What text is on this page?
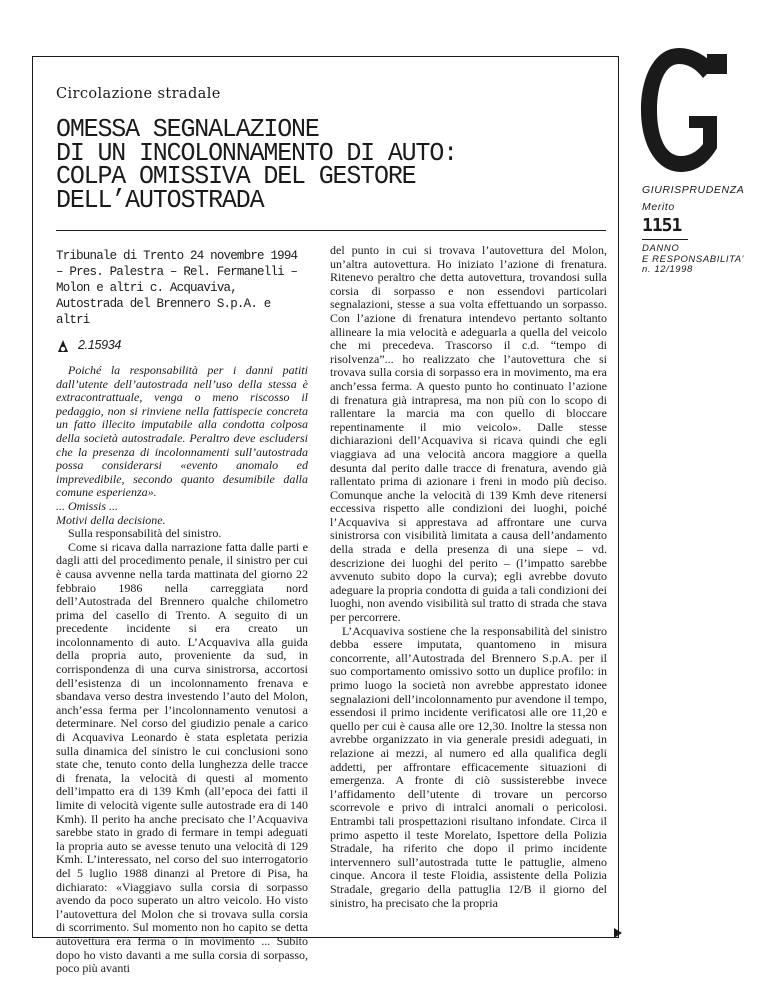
Circolazione stradale
OMESSA SEGNALAZIONE
DI UN INCOLONNAMENTO DI AUTO:
COLPA OMISSIVA DEL GESTORE
DELL’AUTOSTRADA
Tribunale di Trento 24 novembre 1994 – Pres. Palestra – Rel. Fermanelli – Molon e altri c. Acquaviva, Autostrada del Brennero S.p.A. e altri
2.15934

Poiché la responsabilità per i danni patiti dall’utente dell’autostrada nell’uso della stessa è extracontrattuale, venga o meno riscosso il pedaggio, non si rinviene nella fattispecie concreta un fatto illecito imputabile alla condotta colposa della società autostradale. Peraltro deve escludersi che la presenza di incolonnamenti sull’autostrada possa considerarsi «evento anomalo ed imprevedibile, secondo quanto desumibile dalla comune esperienza».

... Omissis ...

Motivi della decisione.

Sulla responsabilità del sinistro.

Come si ricava dalla narrazione fatta dalle parti e dagli atti del procedimento penale, il sinistro per cui è causa avvenne nella tarda mattinata del giorno 22 febbraio 1986 nella carreggiata nord dell’Autostrada del Brennero qualche chilometro prima del casello di Trento. A seguito di un precedente incidente si era creato un incolonnamento di auto. L’Acquaviva alla guida della propria auto, proveniente da sud, in corrispondenza di una curva sinistrorsa, accortosi dell’esistenza di un incolonnamento frenava e sbandava verso destra investendo l’auto del Molon, anch’essa ferma per l’incolonnamento venutosi a determinare. Nel corso del giudizio penale a carico di Acquaviva Leonardo è stata espletata perizia sulla dinamica del sinistro le cui conclusioni sono state che, tenuto conto della lunghezza delle tracce di frenata, la velocità di questi al momento dell’impatto era di 139 Kmh (all’epoca dei fatti il limite di velocità vigente sulle autostrade era di 140 Kmh). Il perito ha anche precisato che l’Acquaviva sarebbe stato in grado di fermare in tempi adeguati la propria auto se avesse tenuto una velocità di 129 Kmh. L’interessato, nel corso del suo interrogatorio del 5 luglio 1988 dinanzi al Pretore di Pisa, ha dichiarato: «Viaggiavo sulla corsia di sorpasso avendo da poco superato un altro veicolo. Ho visto l’autovettura del Molon che si trovava sulla corsia di scorrimento. Sul momento non ho capito se detta autovettura era ferma o in movimento ... Subito dopo ho visto davanti a me sulla corsia di sorpasso, poco più avanti

del punto in cui si trovava l’autovettura del Molon, un’altra autovettura. Ho iniziato l’azione di frenatura. Ritenevo peraltro che detta autovettura, trovandosi sulla corsia di sorpasso e non essendovi particolari segnalazioni, stesse a sua volta effettuando un sorpasso. Con l’azione di frenatura intendevo pertanto soltanto allineare la mia velocità e adeguarla a quella del veicolo che mi precedeva. Trascorso il c.d. “tempo di risolvenza”... ho realizzato che l’autovettura che si trovava sulla corsia di sorpasso era in movimento, ma era anch’essa ferma. A questo punto ho continuato l’azione di frenatura già intrapresa, ma non più con lo scopo di rallentare la marcia ma con quello di bloccare repentinamente il mio veicolo». Dalle stesse dichiarazioni dell’Acquaviva si ricava quindi che egli viaggiava ad una velocità ancora maggiore a quella desunta dal perito dalle tracce di frenatura, avendo già rallentato prima di azionare i freni in modo più deciso. Comunque anche la velocità di 139 Kmh deve ritenersi eccessiva rispetto alle condizioni dei luoghi, poiché l’Acquaviva si apprestava ad affrontare une curva sinistrorsa con visibilità limitata a causa dell’andamento della strada e della presenza di una siepe – vd. descrizione dei luoghi del perito – (l’impatto sarebbe avvenuto subito dopo la curva); egli avrebbe dovuto adeguare la propria condotta di guida a tali condizioni dei luoghi, non avendo visibilità sul tratto di strada che stava per percorrere.

L’Acquaviva sostiene che la responsabilità del sinistro debba essere imputata, quantomeno in misura concorrente, all’Autostrada del Brennero S.p.A. per il suo comportamento omissivo sotto un duplice profilo: in primo luogo la società non avrebbe apprestato idonee segnalazioni dell’incolonnamento pur avendone il tempo, essendosi il primo incidente verificatosi alle ore 11,20 e quello per cui è causa alle ore 12,30. Inoltre la stessa non avrebbe organizzato in via generale presidi adeguati, in relazione ai mezzi, al numero ed alla qualifica degli addetti, per affrontare efficacemente situazioni di emergenza. A fronte di ciò sussisterebbe invece l’affidamento dell’utente di trovare un percorso scorrevole e privo di intralci anomali o pericolosi. Entrambi tali prospettazioni risultano infondate. Circa il primo aspetto il teste Morelato, Ispettore della Polizia Stradale, ha riferito che dopo il primo incidente intervennero sull’autostrada tutte le pattuglie, almeno cinque. Ancora il teste Floidia, assistente della Polizia Stradale, gregario della pattuglia 12/B il giorno del sinistro, ha precisato che la propria

GIURISPRUDENZA
Merito
1151
DANNO
E RESPONSABILITA’
n. 12/1998
